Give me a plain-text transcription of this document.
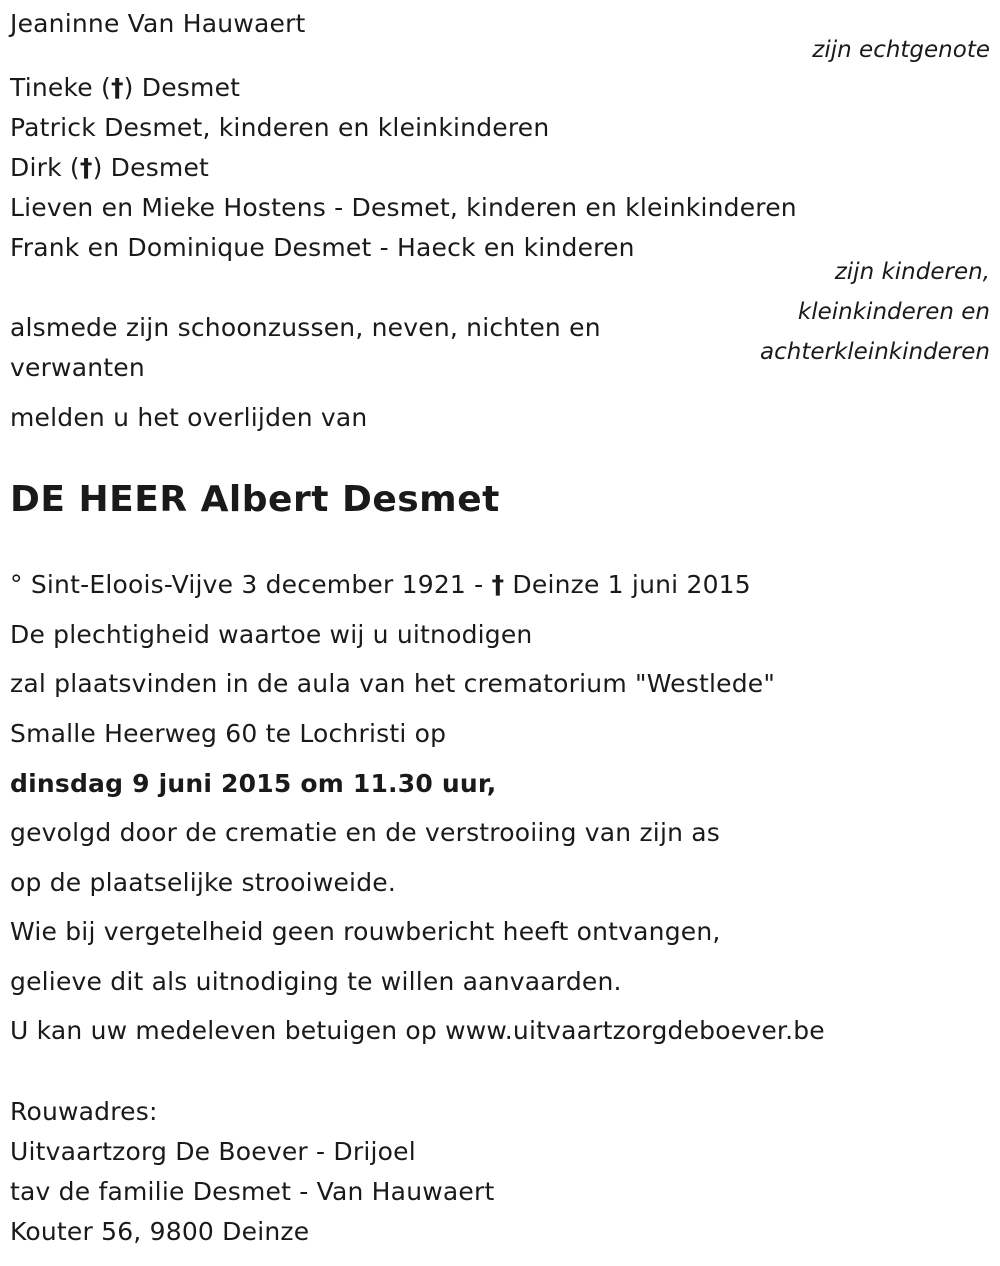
Jeaninne Van Hauwaert
zijn echtgenote
Tineke (†) Desmet
Patrick Desmet, kinderen en kleinkinderen
Dirk (†) Desmet
Lieven en Mieke Hostens - Desmet, kinderen en kleinkinderen
Frank en Dominique Desmet - Haeck en kinderen
zijn kinderen,
kleinkinderen en
achterkleinkinderen
alsmede zijn schoonzussen, neven, nichten en
verwanten
melden u het overlijden van
DE HEER Albert Desmet
° Sint-Eloois-Vijve 3 december 1921 - † Deinze 1 juni 2015
De plechtigheid waartoe wij u uitnodigen
zal plaatsvinden in de aula van het crematorium "Westlede"
Smalle Heerweg 60 te Lochristi op
dinsdag 9 juni 2015 om 11.30 uur,
gevolgd door de crematie en de verstrooiing van zijn as
op de plaatselijke strooiweide.
Wie bij vergetelheid geen rouwbericht heeft ontvangen,
gelieve dit als uitnodiging te willen aanvaarden.
U kan uw medeleven betuigen op www.uitvaartzorgdeboever.be
Rouwadres:
Uitvaartzorg De Boever - Drijoel
tav de familie Desmet - Van Hauwaert
Kouter 56, 9800 Deinze
